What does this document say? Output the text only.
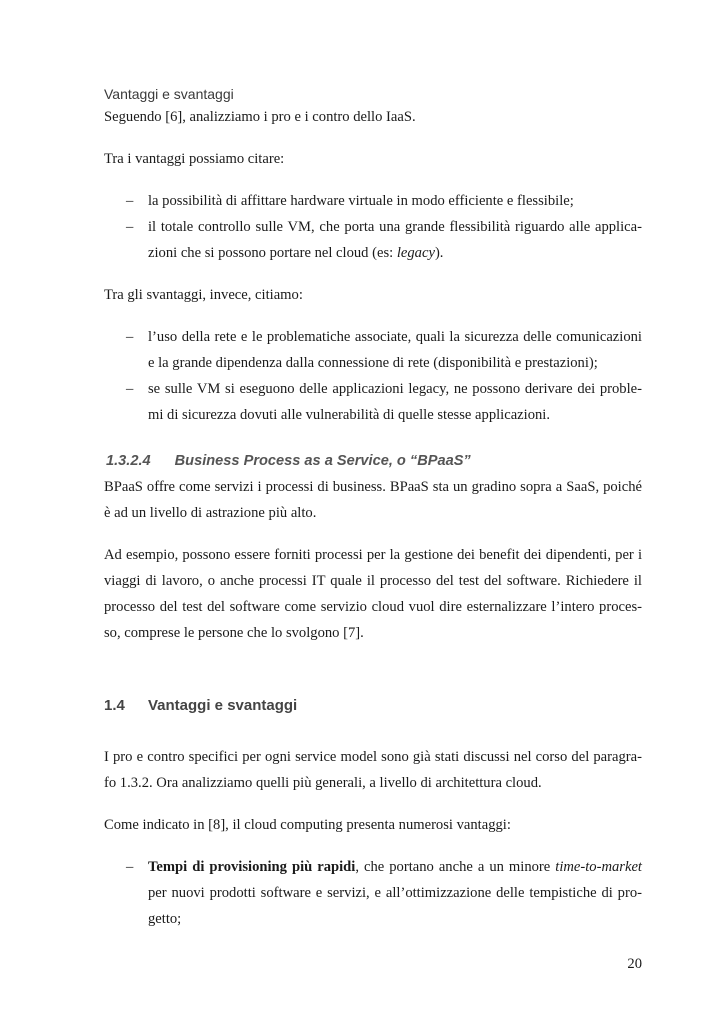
Vantaggi e svantaggi

Seguendo [6], analizziamo i pro e i contro dello IaaS.

Tra i vantaggi possiamo citare:

– la possibilità di affittare hardware virtuale in modo efficiente e flessibile;
– il totale controllo sulle VM, che porta una grande flessibilità riguardo alle applica-zioni che si possono portare nel cloud (es: legacy).

Tra gli svantaggi, invece, citiamo:

– l’uso della rete e le problematiche associate, quali la sicurezza delle comunicazioni e la grande dipendenza dalla connessione di rete (disponibilità e prestazioni);
– se sulle VM si eseguono delle applicazioni legacy, ne possono derivare dei proble-mi di sicurezza dovuti alle vulnerabilità di quelle stesse applicazioni.
1.3.2.4 Business Process as a Service, o “BPaaS”

BPaaS offre come servizi i processi di business. BPaaS sta un gradino sopra a SaaS, poiché è ad un livello di astrazione più alto.

Ad esempio, possono essere forniti processi per la gestione dei benefit dei dipendenti, per i viaggi di lavoro, o anche processi IT quale il processo del test del software. Richiedere il processo del test del software come servizio cloud vuol dire esternalizzare l’intero proces-so, comprese le persone che lo svolgono [7].

1.4 Vantaggi e svantaggi

I pro e contro specifici per ogni service model sono già stati discussi nel corso del paragra-fo 1.3.2. Ora analizziamo quelli più generali, a livello di architettura cloud.

Come indicato in [8], il cloud computing presenta numerosi vantaggi:

– Tempi di provisioning più rapidi, che portano anche a un minore time-to-market per nuovi prodotti software e servizi, e all’ottimizzazione delle tempistiche di pro-getto;
20
